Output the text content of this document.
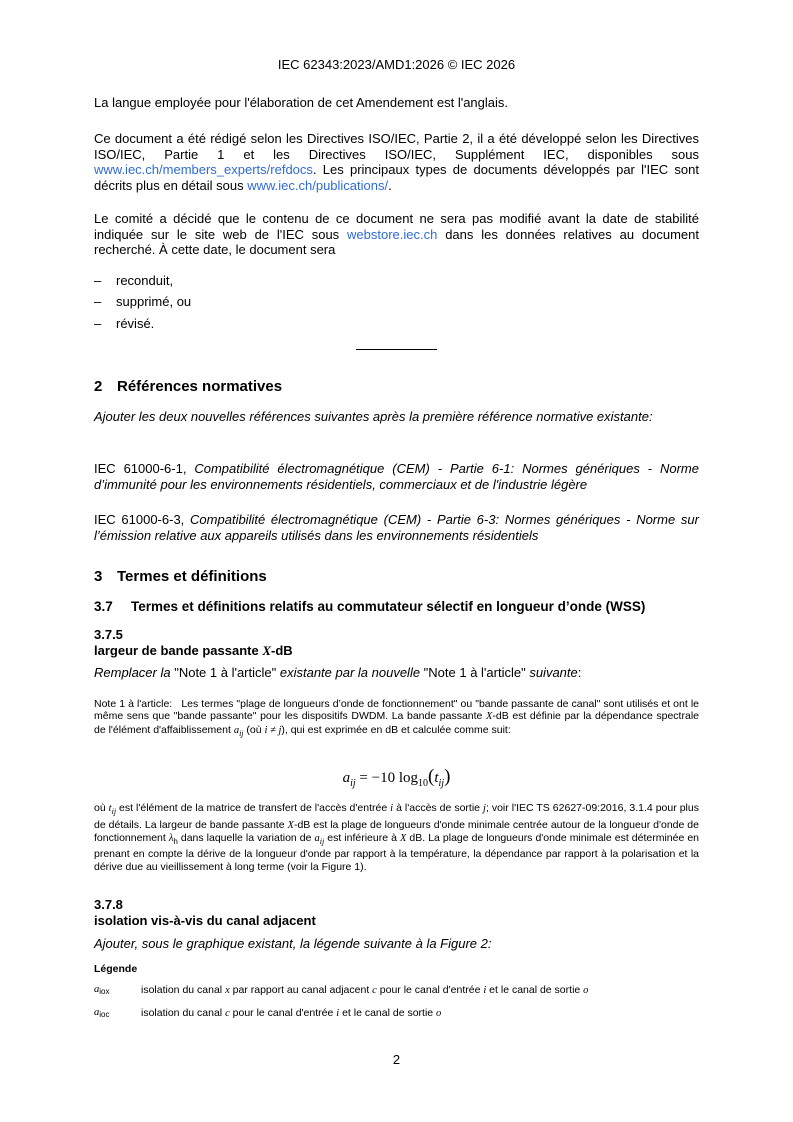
IEC 62343:2023/AMD1:2026 © IEC 2026

La langue employée pour l'élaboration de cet Amendement est l'anglais.

Ce document a été rédigé selon les Directives ISO/IEC, Partie 2, il a été développé selon les Directives ISO/IEC, Partie 1 et les Directives ISO/IEC, Supplément IEC, disponibles sous www.iec.ch/members_experts/refdocs. Les principaux types de documents développés par l'IEC sont décrits plus en détail sous www.iec.ch/publications/.

Le comité a décidé que le contenu de ce document ne sera pas modifié avant la date de stabilité indiquée sur le site web de l'IEC sous webstore.iec.ch dans les données relatives au document recherché. À cette date, le document sera

– reconduit,
– supprimé, ou
– révisé.

2 Références normatives

Ajouter les deux nouvelles références suivantes après la première référence normative existante:

IEC 61000-6-1, Compatibilité électromagnétique (CEM) - Partie 6-1: Normes génériques - Norme d’immunité pour les environnements résidentiels, commerciaux et de l'industrie légère

IEC 61000-6-3, Compatibilité électromagnétique (CEM) - Partie 6-3: Normes génériques - Norme sur l’émission relative aux appareils utilisés dans les environnements résidentiels

3 Termes et définitions

3.7 Termes et définitions relatifs au commutateur sélectif en longueur d’onde (WSS)

3.7.5

largeur de bande passante X-dB

Remplacer la "Note 1 à l'article" existante par la nouvelle "Note 1 à l'article" suivante:

Note 1 à l'article: Les termes "plage de longueurs d’onde de fonctionnement" ou "bande passante de canal" sont utilisés et ont le même sens que "bande passante" pour les dispositifs DWDM. La bande passante X-dB est définie par la dépendance spectrale de l'élément d'affaiblissement $a_{ij}$ (où i ≠ j), qui est exprimée en dB et calculée comme suit:

$a_{ij} = -10$ $\log_{10}(t_{ij})$

où $t_{ij}$ est l'élément de la matrice de transfert de l'accès d'entrée i à l'accès de sortie j; voir l'IEC TS 62627-09:2016, 3.1.4 pour plus de détails. La largeur de bande passante X-dB est la plage de longueurs d'onde minimale centrée autour de la longueur d'onde de fonctionnement $\lambda_h$ dans laquelle la variation de $a_{ij}$ est inférieure à X dB. La plage de longueurs d'onde minimale est déterminée en prenant en compte la dérive de la longueur d'onde par rapport à la température, la dépendance par rapport à la polarisation et la dérive due au vieillissement à long terme (voir la Figure 1).

3.7.8

isolation vis-à-vis du canal adjacent

Ajouter, sous le graphique existant, la légende suivante à la Figure 2:

Légende

$a_{iox}$	isolation du canal x par rapport au canal adjacent c pour le canal d'entrée i et le canal de sortie o
$a_{ioc}$	isolation du canal c pour le canal d'entrée i et le canal de sortie o
2
